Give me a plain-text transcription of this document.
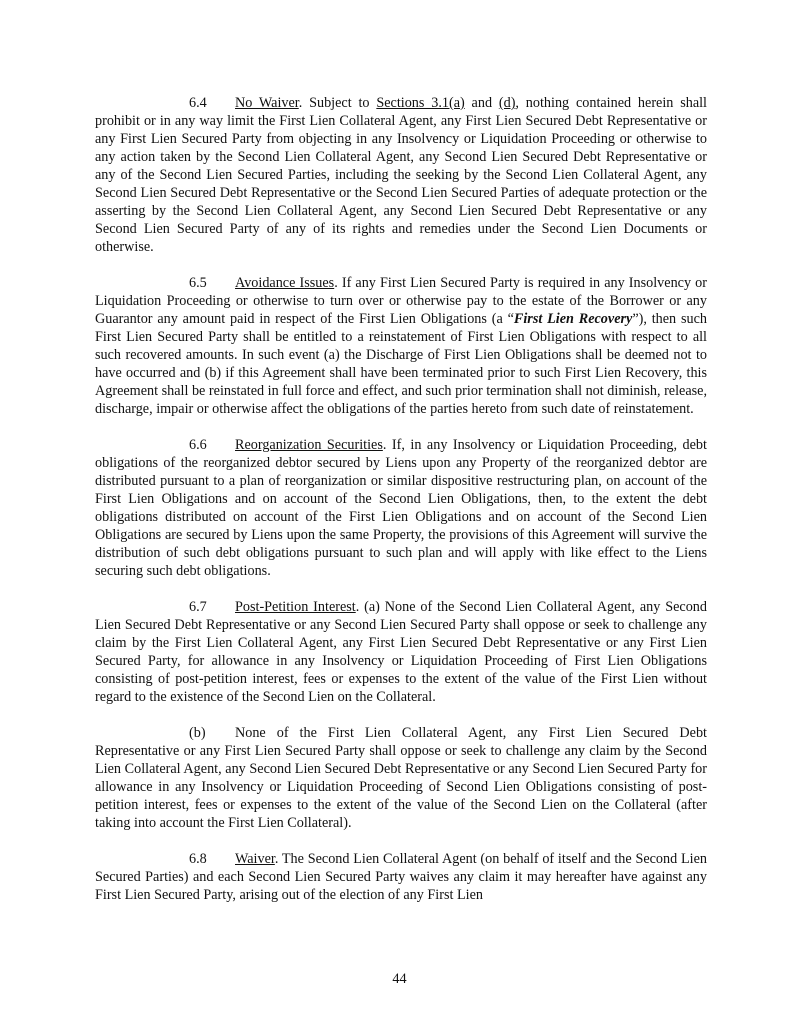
6.4 No Waiver. Subject to Sections 3.1(a) and (d), nothing contained herein shall prohibit or in any way limit the First Lien Collateral Agent, any First Lien Secured Debt Representative or any First Lien Secured Party from objecting in any Insolvency or Liquidation Proceeding or otherwise to any action taken by the Second Lien Collateral Agent, any Second Lien Secured Debt Representative or any of the Second Lien Secured Parties, including the seeking by the Second Lien Collateral Agent, any Second Lien Secured Debt Representative or the Second Lien Secured Parties of adequate protection or the asserting by the Second Lien Collateral Agent, any Second Lien Secured Debt Representative or any Second Lien Secured Party of any of its rights and remedies under the Second Lien Documents or otherwise.

6.5 Avoidance Issues. If any First Lien Secured Party is required in any Insolvency or Liquidation Proceeding or otherwise to turn over or otherwise pay to the estate of the Borrower or any Guarantor any amount paid in respect of the First Lien Obligations (a “First Lien Recovery”), then such First Lien Secured Party shall be entitled to a reinstatement of First Lien Obligations with respect to all such recovered amounts. In such event (a) the Discharge of First Lien Obligations shall be deemed not to have occurred and (b) if this Agreement shall have been terminated prior to such First Lien Recovery, this Agreement shall be reinstated in full force and effect, and such prior termination shall not diminish, release, discharge, impair or otherwise affect the obligations of the parties hereto from such date of reinstatement.

6.6 Reorganization Securities. If, in any Insolvency or Liquidation Proceeding, debt obligations of the reorganized debtor secured by Liens upon any Property of the reorganized debtor are distributed pursuant to a plan of reorganization or similar dispositive restructuring plan, on account of the First Lien Obligations and on account of the Second Lien Obligations, then, to the extent the debt obligations distributed on account of the First Lien Obligations and on account of the Second Lien Obligations are secured by Liens upon the same Property, the provisions of this Agreement will survive the distribution of such debt obligations pursuant to such plan and will apply with like effect to the Liens securing such debt obligations.

6.7 Post-Petition Interest. (a) None of the Second Lien Collateral Agent, any Second Lien Secured Debt Representative or any Second Lien Secured Party shall oppose or seek to challenge any claim by the First Lien Collateral Agent, any First Lien Secured Debt Representative or any First Lien Secured Party, for allowance in any Insolvency or Liquidation Proceeding of First Lien Obligations consisting of post-petition interest, fees or expenses to the extent of the value of the First Lien without regard to the existence of the Second Lien on the Collateral.

(b) None of the First Lien Collateral Agent, any First Lien Secured Debt Representative or any First Lien Secured Party shall oppose or seek to challenge any claim by the Second Lien Collateral Agent, any Second Lien Secured Debt Representative or any Second Lien Secured Party for allowance in any Insolvency or Liquidation Proceeding of Second Lien Obligations consisting of post-petition interest, fees or expenses to the extent of the value of the Second Lien on the Collateral (after taking into account the First Lien Collateral).

6.8 Waiver. The Second Lien Collateral Agent (on behalf of itself and the Second Lien Secured Parties) and each Second Lien Secured Party waives any claim it may hereafter have against any First Lien Secured Party, arising out of the election of any First Lien

44
